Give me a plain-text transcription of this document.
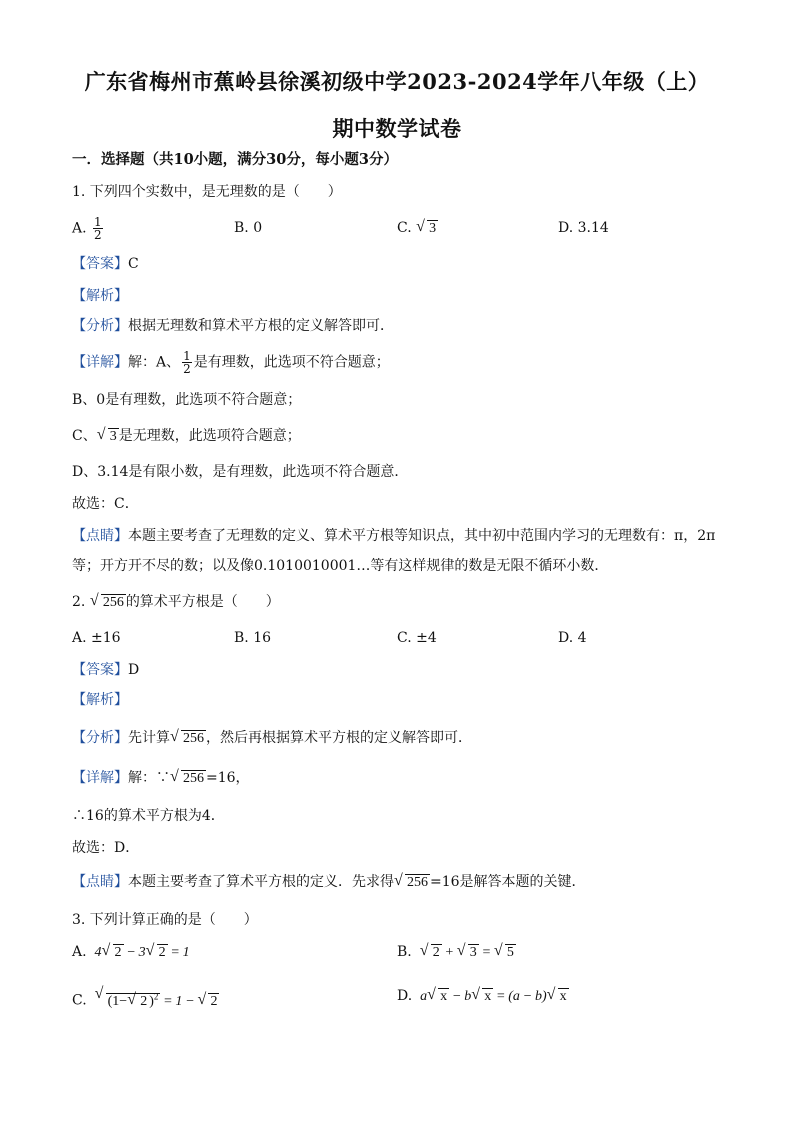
广东省梅州市蕉岭县徐溪初级中学2023-2024学年八年级（上）
期中数学试卷
一．选择题（共10小题，满分30分，每小题3分）
1. 下列四个实数中，是无理数的是（　　）
A. $\frac{1}{2}$	B. 0	C. √ 3	D. 3.14
【答案】C
【解析】
【分析】根据无理数和算术平方根的定义解答即可．
【详解】解：A、 $\frac{1}{2}$ 是有理数，此选项不符合题意；
B、0是有理数，此选项不符合题意；
C、 √ 3 是无理数，此选项符合题意；
D、3.14是有限小数，是有理数，此选项不符合题意．
故选：C．
【点睛】本题主要考查了无理数的定义、算术平方根等知识点，其中初中范围内学习的无理数有：π，2π
等；开方开不尽的数；以及像0.1010010001…等有这样规律的数是无限不循环小数．
2. √ 256 的算术平方根是（　　）
A. ±16	B. 16	C. ±4	D. 4
【答案】D
【解析】
【分析】先计算 √ 256 ，然后再根据算术平方根的定义解答即可．
【详解】解：∵ √ 256 =16，
∴16的算术平方根为4．
故选：D．
【点睛】本题主要考查了算术平方根的定义．先求得 √ 256 =16是解答本题的关键．
3. 下列计算正确的是（　　）
A.  4 √ 2 − 3 √ 2 = 1	B. √ 2 + √ 3 = √ 5
C. √ (1− √ 2 )$^2$ = 1 − √ 2	D.  a √ x − b √ x = (a − b) √ x
